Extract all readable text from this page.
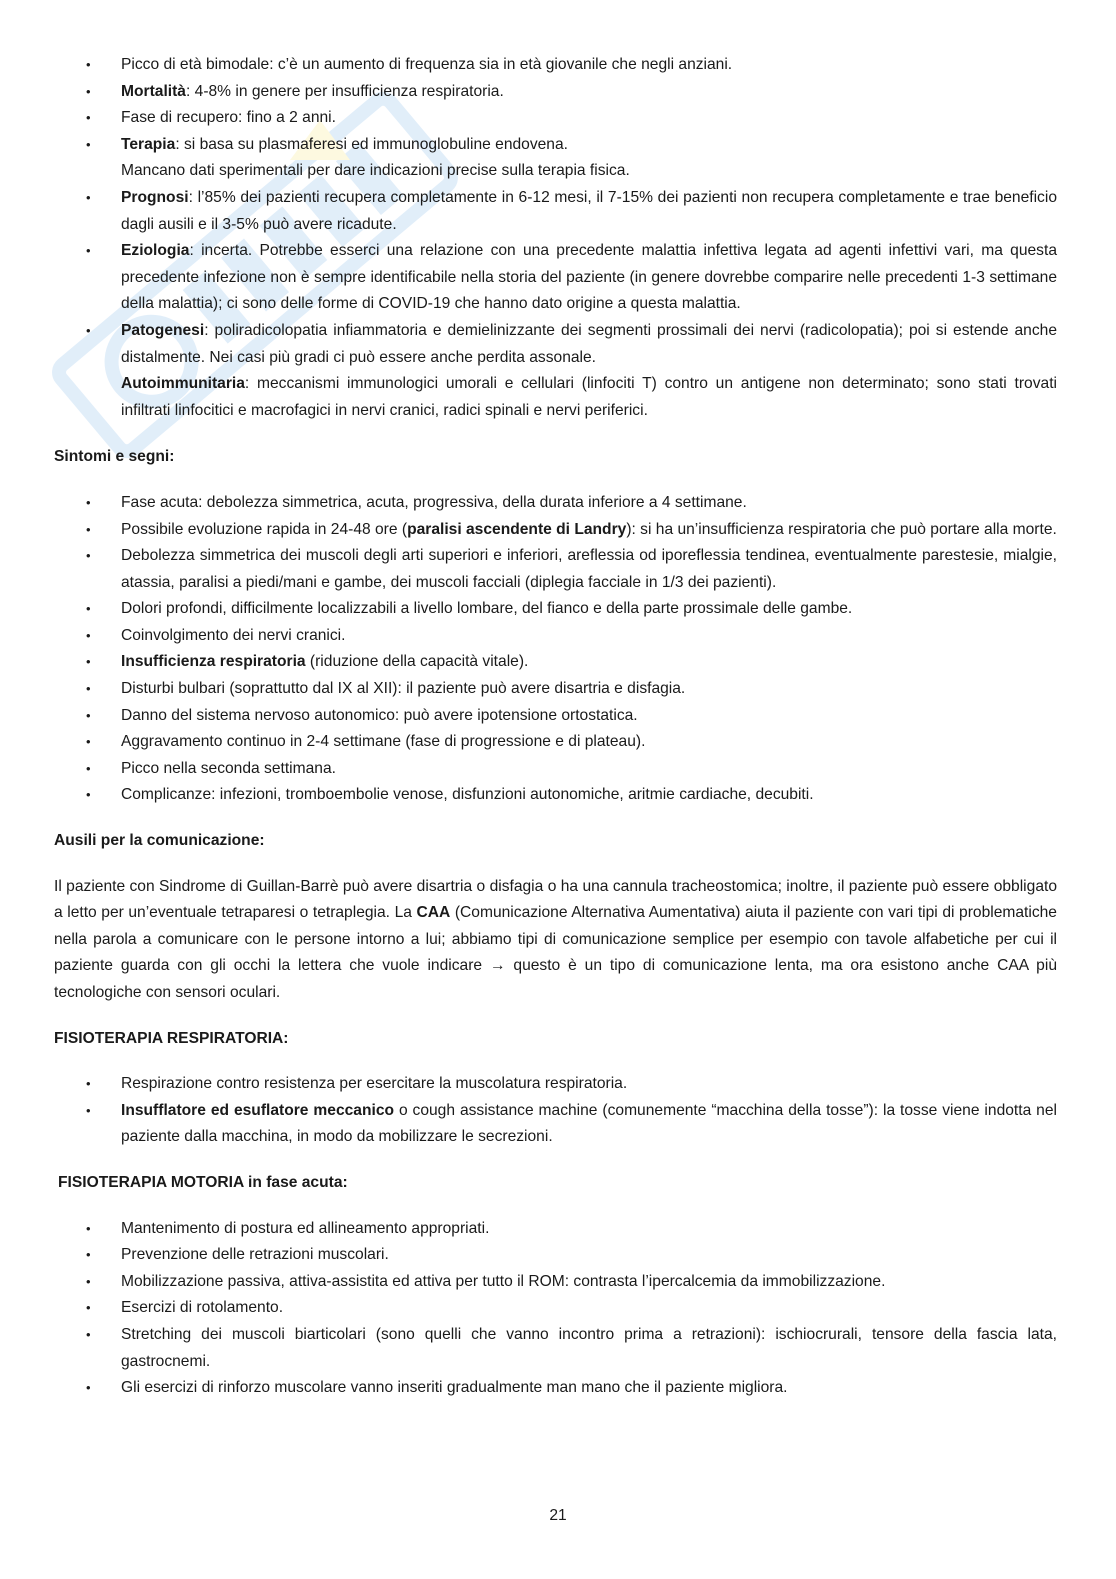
• Picco di età bimodale: c’è un aumento di frequenza sia in età giovanile che negli anziani.
• Mortalità: 4-8% in genere per insufficienza respiratoria.
• Fase di recupero: fino a 2 anni.
• Terapia: si basa su plasmaferesi ed immunoglobuline endovena.
Mancano dati sperimentali per dare indicazioni precise sulla terapia fisica.
• Prognosi: l’85% dei pazienti recupera completamente in 6-12 mesi, il 7-15% dei pazienti non recupera completamente e trae beneficio dagli ausili e il 3-5% può avere ricadute.
• Eziologia: incerta. Potrebbe esserci una relazione con una precedente malattia infettiva legata ad agenti infettivi vari, ma questa precedente infezione non è sempre identificabile nella storia del paziente (in genere dovrebbe comparire nelle precedenti 1-3 settimane della malattia); ci sono delle forme di COVID-19 che hanno dato origine a questa malattia.
• Patogenesi: poliradicolopatia infiammatoria e demielinizzante dei segmenti prossimali dei nervi (radicolopatia); poi si estende anche distalmente. Nei casi più gradi ci può essere anche perdita assonale.
Autoimmunitaria: meccanismi immunologici umorali e cellulari (linfociti T) contro un antigene non determinato; sono stati trovati infiltrati linfocitici e macrofagici in nervi cranici, radici spinali e nervi periferici.

Sintomi e segni:

• Fase acuta: debolezza simmetrica, acuta, progressiva, della durata inferiore a 4 settimane.
• Possibile evoluzione rapida in 24-48 ore (paralisi ascendente di Landry): si ha un’insufficienza respiratoria che può portare alla morte.
• Debolezza simmetrica dei muscoli degli arti superiori e inferiori, areflessia od iporeflessia tendinea, eventualmente parestesie, mialgie, atassia, paralisi a piedi/mani e gambe, dei muscoli facciali (diplegia facciale in 1/3 dei pazienti).
• Dolori profondi, difficilmente localizzabili a livello lombare, del fianco e della parte prossimale delle gambe.
• Coinvolgimento dei nervi cranici.
• Insufficienza respiratoria (riduzione della capacità vitale).
• Disturbi bulbari (soprattutto dal IX al XII): il paziente può avere disartria e disfagia.
• Danno del sistema nervoso autonomico: può avere ipotensione ortostatica.
• Aggravamento continuo in 2-4 settimane (fase di progressione e di plateau).
• Picco nella seconda settimana.
• Complicanze: infezioni, tromboembolie venose, disfunzioni autonomiche, aritmie cardiache, decubiti.

Ausili per la comunicazione:

Il paziente con Sindrome di Guillan-Barrè può avere disartria o disfagia o ha una cannula tracheostomica; inoltre, il paziente può essere obbligato a letto per un’eventuale tetraparesi o tetraplegia. La CAA (Comunicazione Alternativa Aumentativa) aiuta il paziente con vari tipi di problematiche nella parola a comunicare con le persone intorno a lui; abbiamo tipi di comunicazione semplice per esempio con tavole alfabetiche per cui il paziente guarda con gli occhi la lettera che vuole indicare → questo è un tipo di comunicazione lenta, ma ora esistono anche CAA più tecnologiche con sensori oculari.

FISIOTERAPIA RESPIRATORIA:

• Respirazione contro resistenza per esercitare la muscolatura respiratoria.
• Insufflatore ed esuflatore meccanico o cough assistance machine (comunemente “macchina della tosse”): la tosse viene indotta nel paziente dalla macchina, in modo da mobilizzare le secrezioni.

FISIOTERAPIA MOTORIA in fase acuta:

• Mantenimento di postura ed allineamento appropriati.
• Prevenzione delle retrazioni muscolari.
• Mobilizzazione passiva, attiva-assistita ed attiva per tutto il ROM: contrasta l’ipercalcemia da immobilizzazione.
• Esercizi di rotolamento.
• Stretching dei muscoli biarticolari (sono quelli che vanno incontro prima a retrazioni): ischiocrurali, tensore della fascia lata, gastrocnemi.
• Gli esercizi di rinforzo muscolare vanno inseriti gradualmente man mano che il paziente migliora.
21
